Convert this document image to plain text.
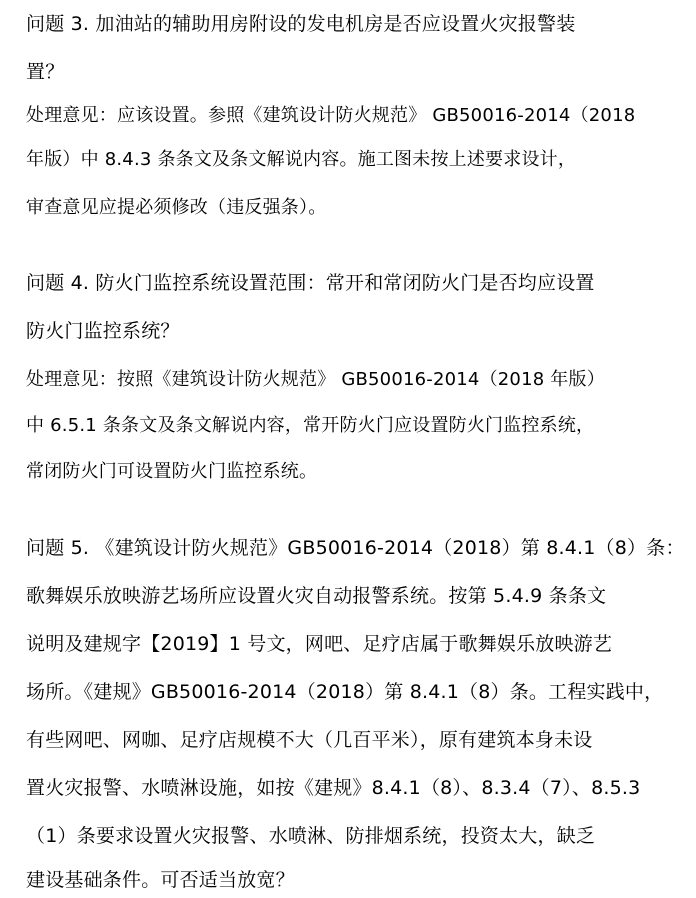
问题 3. 加油站的辅助用房附设的发电机房是否应设置火灾报警装
置？
处理意见：应该设置。参照《建筑设计防火规范》 GB50016-2014（2018
年版）中 8.4.3 条条文及条文解说内容。施工图未按上述要求设计，
审查意见应提必须修改（违反强条）。
问题 4. 防火门监控系统设置范围：常开和常闭防火门是否均应设置
防火门监控系统？
处理意见：按照《建筑设计防火规范》 GB50016-2014（2018 年版）
中 6.5.1 条条文及条文解说内容，常开防火门应设置防火门监控系统，
常闭防火门可设置防火门监控系统。
问题 5. 《建筑设计防火规范》GB50016-2014（2018）第 8.4.1（8）条：
歌舞娱乐放映游艺场所应设置火灾自动报警系统。按第 5.4.9 条条文
说明及建规字【2019】1 号文，网吧、足疗店属于歌舞娱乐放映游艺
场所。《建规》GB50016-2014（2018）第 8.4.1（8）条。工程实践中，
有些网吧、网咖、足疗店规模不大（几百平米），原有建筑本身未设
置火灾报警、水喷淋设施，如按《建规》8.4.1（8）、8.3.4（7）、8.5.3
（1）条要求设置火灾报警、水喷淋、防排烟系统，投资太大，缺乏
建设基础条件。可否适当放宽？
